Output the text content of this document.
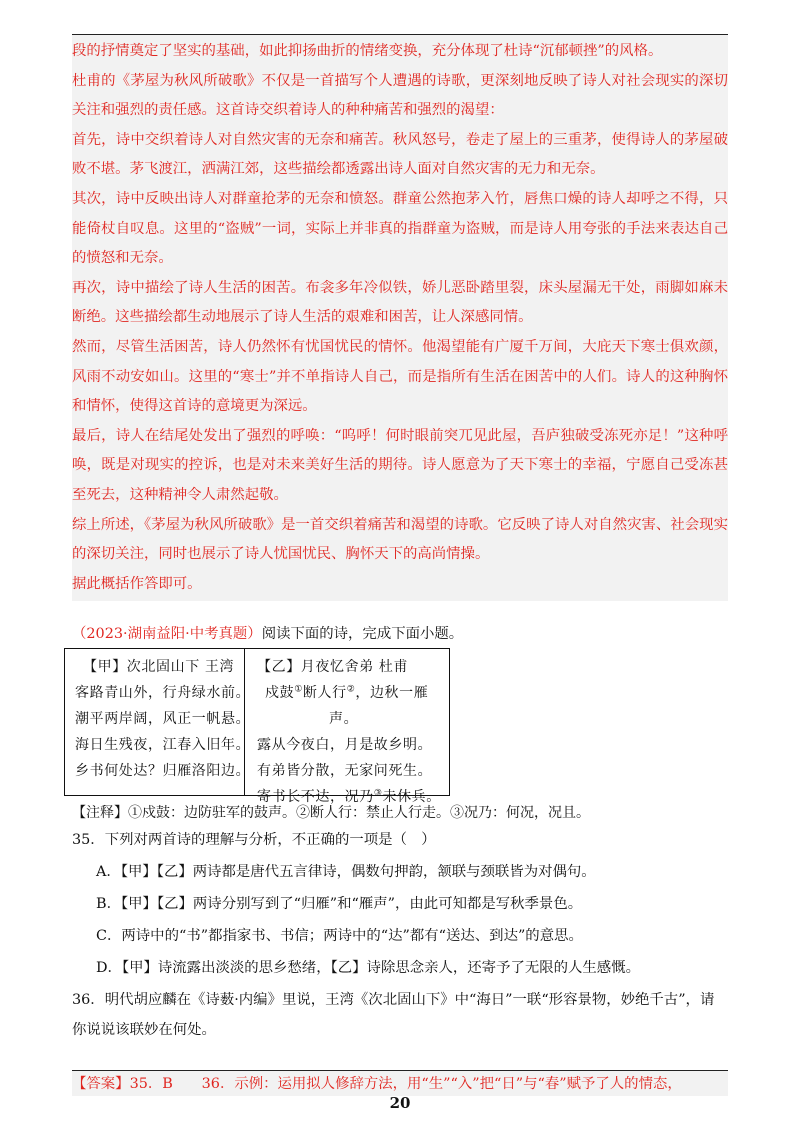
段的抒情奠定了坚实的基础，如此抑扬曲折的情绪变换，充分体现了杜诗“沉郁顿挫”的风格。

杜甫的《茅屋为秋风所破歌》不仅是一首描写个人遭遇的诗歌，更深刻地反映了诗人对社会现实的深切关注和强烈的责任感。这首诗交织着诗人的种种痛苦和强烈的渴望：

首先，诗中交织着诗人对自然灾害的无奈和痛苦。秋风怒号，卷走了屋上的三重茅，使得诗人的茅屋破败不堪。茅飞渡江，洒满江郊，这些描绘都透露出诗人面对自然灾害的无力和无奈。

其次，诗中反映出诗人对群童抢茅的无奈和愤怒。群童公然抱茅入竹，唇焦口燥的诗人却呼之不得，只能倚杖自叹息。这里的“盗贼”一词，实际上并非真的指群童为盗贼，而是诗人用夸张的手法来表达自己的愤怒和无奈。

再次，诗中描绘了诗人生活的困苦。布衾多年冷似铁，娇儿恶卧踏里裂，床头屋漏无干处，雨脚如麻未断绝。这些描绘都生动地展示了诗人生活的艰难和困苦，让人深感同情。

然而，尽管生活困苦，诗人仍然怀有忧国忧民的情怀。他渴望能有广厦千万间，大庇天下寒士俱欢颜，风雨不动安如山。这里的“寒士”并不单指诗人自己，而是指所有生活在困苦中的人们。诗人的这种胸怀和情怀，使得这首诗的意境更为深远。

最后，诗人在结尾处发出了强烈的呼唤：“呜呼！何时眼前突兀见此屋，吾庐独破受冻死亦足！”这种呼唤，既是对现实的控诉，也是对未来美好生活的期待。诗人愿意为了天下寒士的幸福，宁愿自己受冻甚至死去，这种精神令人肃然起敬。

综上所述，《茅屋为秋风所破歌》是一首交织着痛苦和渴望的诗歌。它反映了诗人对自然灾害、社会现实的深切关注，同时也展示了诗人忧国忧民、胸怀天下的高尚情操。

据此概括作答即可。

（2023·湖南益阳·中考真题）阅读下面的诗，完成下面小题。

【甲】次北固山下 王湾

客路青山外，行舟绿水前。

潮平两岸阔，风正一帆悬。

海日生残夜，江春入旧年。

乡书何处达？归雁洛阳边。

【乙】月夜忆舍弟 杜甫

戍鼓①断人行②，边秋一雁

声。

露从今夜白，月是故乡明。

有弟皆分散，无家问死生。

寄书长不达，况乃③未休兵。

【注释】①戍鼓：边防驻军的鼓声。②断人行：禁止人行走。③况乃：何况，况且。
35．下列对两首诗的理解与分析，不正确的一项是（　）
A．【甲】【乙】两诗都是唐代五言律诗，偶数句押韵，颔联与颈联皆为对偶句。
B．【甲】【乙】两诗分别写到了“归雁”和“雁声”，由此可知都是写秋季景色。
C．两诗中的“书”都指家书、书信；两诗中的“达”都有“送达、到达”的意思。
D．【甲】诗流露出淡淡的思乡愁绪，【乙】诗除思念亲人，还寄予了无限的人生感慨。
36．明代胡应麟在《诗薮·内编》里说，王湾《次北固山下》中“海日”一联“形容景物，妙绝千古”，请
你说说该联妙在何处。
【答案】35．B　　36．示例：运用拟人修辞方法，用“生”“入”把“日”与“春”赋予了人的情态，
20
